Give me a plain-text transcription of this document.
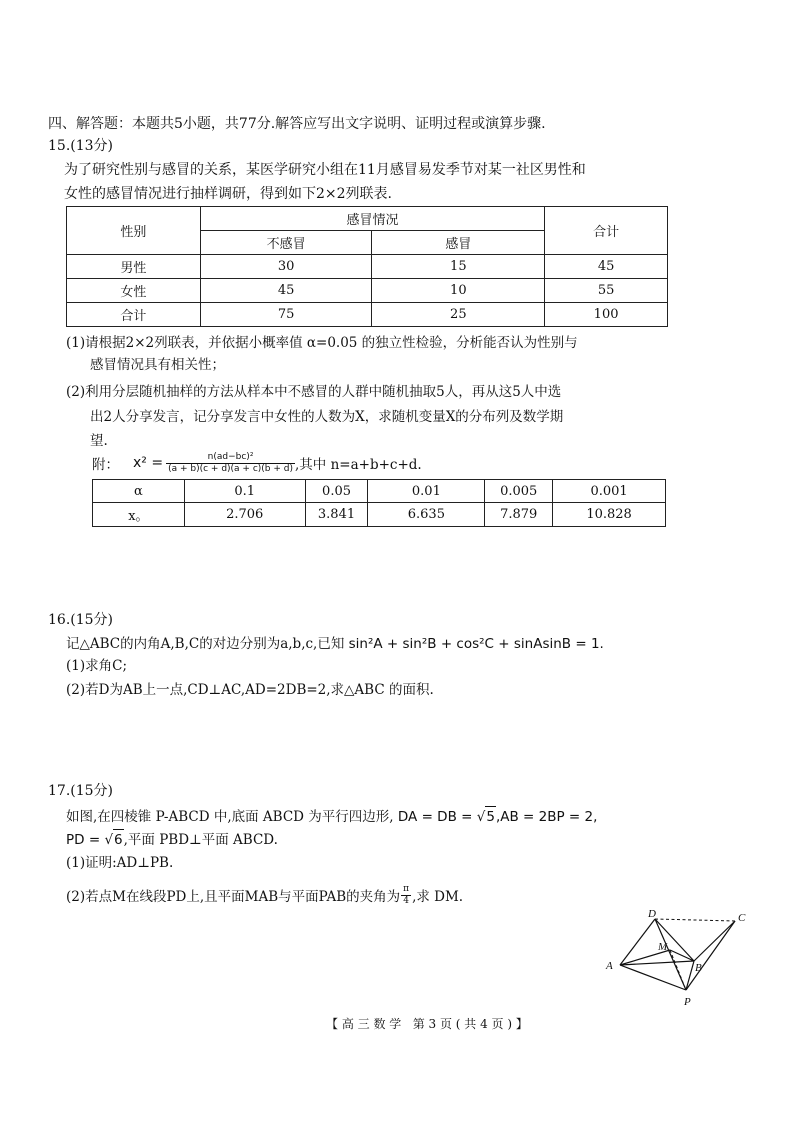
四、解答题：本题共5小题，共77分.解答应写出文字说明、证明过程或演算步骤.
15.(13分)
为了研究性别与感冒的关系，某医学研究小组在11月感冒易发季节对某一社区男性和
女性的感冒情况进行抽样调研，得到如下2×2列联表.
性别	感冒情况		合计
	不感冒	感冒	
男性	30	15	45
女性	45	10	55
合计	75	25	100
(1)请根据2×2列联表，并依据小概率值 α=0.05 的独立性检验，分析能否认为性别与
感冒情况具有相关性；
(2)利用分层随机抽样的方法从样本中不感冒的人群中随机抽取5人，再从这5人中选
出2人分享发言，记分享发言中女性的人数为X，求随机变量X的分布列及数学期
望.
附： $x^2 = \frac{\text{n(ad−bc)²}}{(a + b)(c + d)(a + c)(b + d)}$ ,其中 n=a+b+c+d.
α	0.1	0.05	0.01	0.005	0.001
x。	2.706	3.841	6.635	7.879	10.828
16.(15分)
记△ABC的内角A,B,C的对边分别为a,b,c,已知 sin²A + sin²B + cos²C + sinAsinB = 1.
(1)求角C;
(2)若D为AB上一点,CD⊥AC,AD=2DB=2,求△ABC 的面积.
17.(15分)
如图,在四棱锥 P-ABCD 中,底面 ABCD 为平行四边形, DA = DB = √5,AB = 2BP = 2,
PD = √6,平面 PBD⊥平面 ABCD.
(1)证明:AD⊥PB.
(2)若点M在线段PD上,且平面MAB与平面PAB的夹角为 $\frac{\pi}{4}$ ,求 DM.
D	C
M
A	B
P
【 高 三 数 学   第 3 页 ( 共 4 页 ) 】
